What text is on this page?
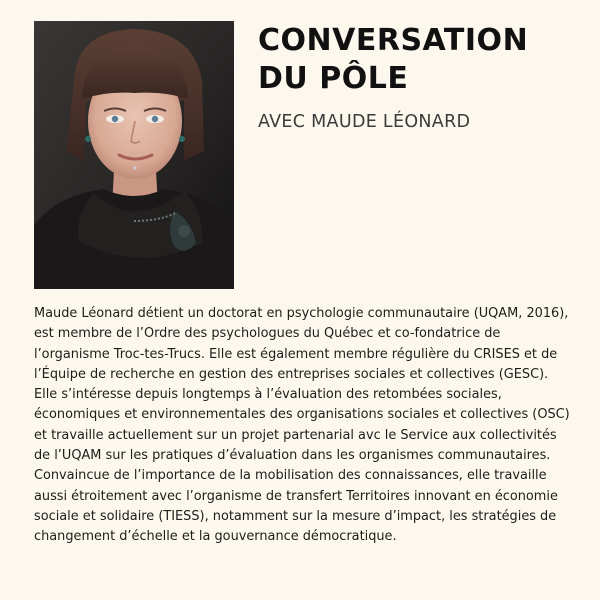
CONVERSATION
DU PÔLE
AVEC MAUDE LÉONARD

Maude Léonard détient un doctorat en psychologie communautaire (UQAM, 2016), est membre de l’Ordre des psychologues du Québec et co-fondatrice de l’organisme Troc-tes-Trucs. Elle est également membre régulière du CRISES et de l’Équipe de recherche en gestion des entreprises sociales et collectives (GESC). Elle s’intéresse depuis longtemps à l’évaluation des retombées sociales, économiques et environnementales des organisations sociales et collectives (OSC) et travaille actuellement sur un projet partenarial avc le Service aux collectivités de l’UQAM sur les pratiques d’évaluation dans les organismes communautaires. Convaincue de l’importance de la mobilisation des connaissances, elle travaille aussi étroitement avec l’organisme de transfert Territoires innovant en économie sociale et solidaire (TIESS), notamment sur la mesure d’impact, les stratégies de changement d’échelle et la gouvernance démocratique.
